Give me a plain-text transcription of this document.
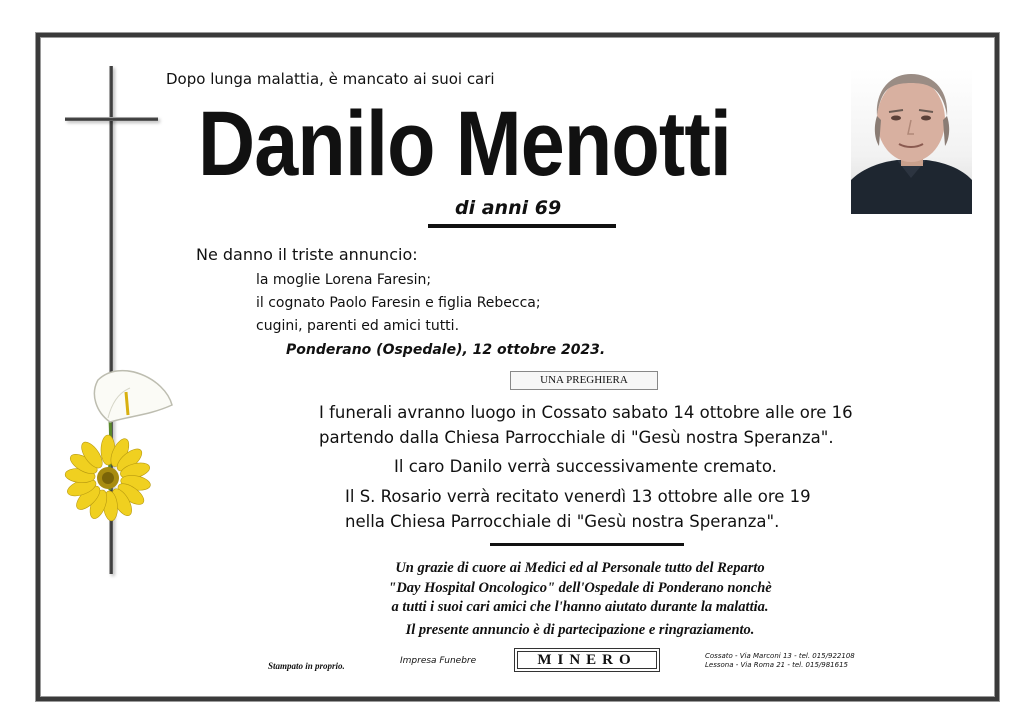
Dopo lunga malattia, è mancato ai suoi cari
Danilo Menotti
di anni 69
Ne danno il triste annuncio:
la moglie Lorena Faresin;
il cognato Paolo Faresin e figlia Rebecca;
cugini, parenti ed amici tutti.
Ponderano (Ospedale), 12 ottobre 2023.
UNA PREGHIERA
I funerali avranno luogo in Cossato sabato 14 ottobre alle ore 16
partendo dalla Chiesa Parrocchiale di "Gesù nostra Speranza".
Il caro Danilo verrà successivamente cremato.
Il S. Rosario verrà recitato venerdì 13 ottobre alle ore 19
nella Chiesa Parrocchiale di "Gesù nostra Speranza".
Un grazie di cuore ai Medici ed al Personale tutto del Reparto
"Day Hospital Oncologico" dell'Ospedale di Ponderano nonchè
a tutti i suoi cari amici che l'hanno aiutato durante la malattia.
Il presente annuncio è di partecipazione e ringraziamento.
Stampato in proprio.	Impresa Funebre	MINERO	Cossato - Via Marconi 13 - tel. 015/922108
Lessona - Via Roma 21 - tel. 015/981615
